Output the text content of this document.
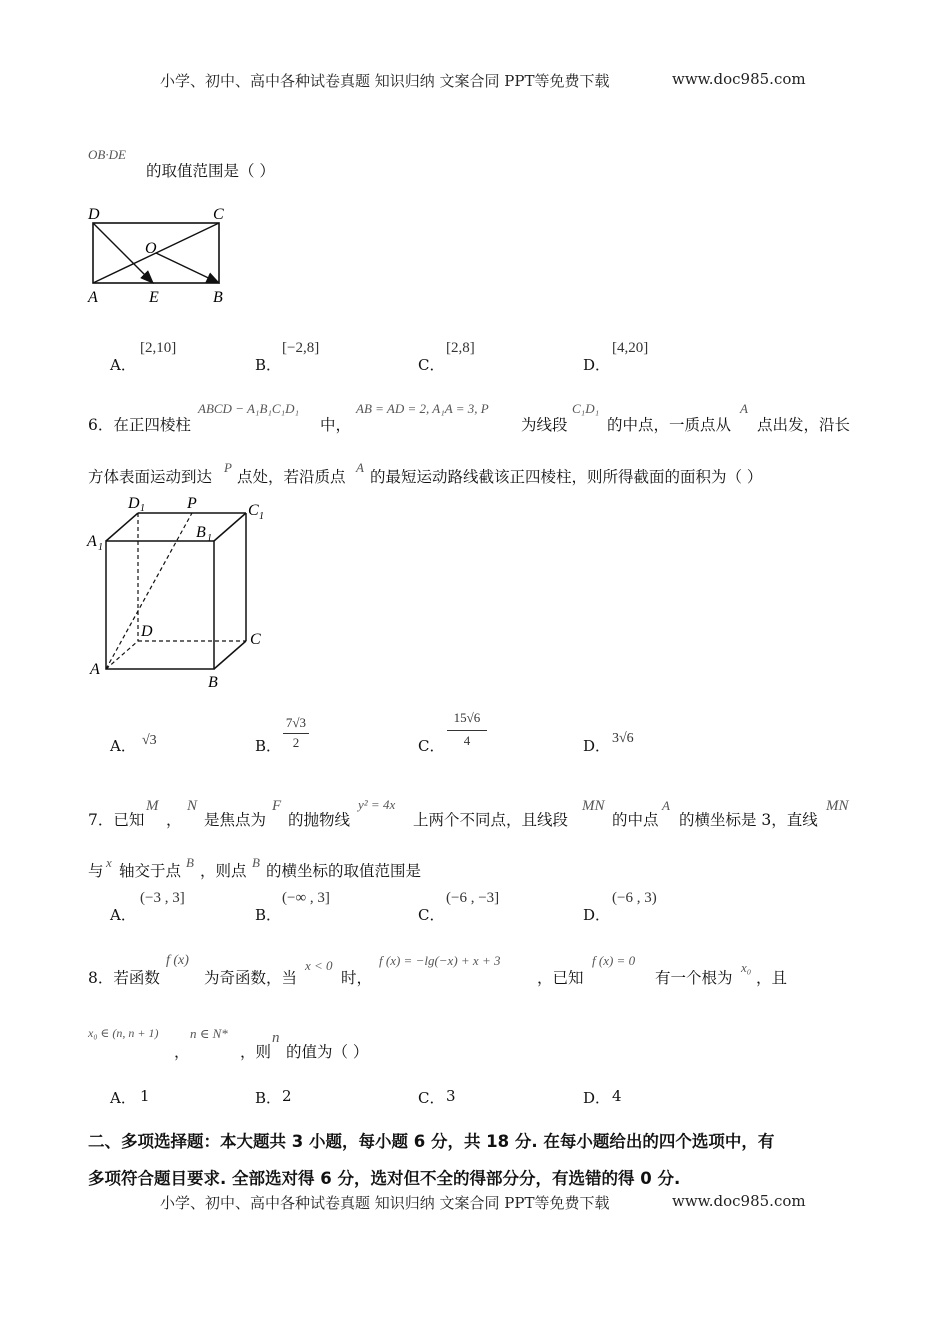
小学、初中、高中各种试卷真题 知识归纳 文案合同 PPT等免费下载	www.doc985.com
OB·DE
的取值范围是（ ）
D	C
O
A	E	B
A．
[2,10]
B．
[−2,8]
C．
[2,8]
D．
[4,20]
6．在正四棱柱
ABCD − A₁B₁C₁D₁
中，
AB = AD = 2, A₁A = 3, P
为线段
C₁D₁
的中点，一质点从
A
点出发，沿长
方体表面运动到达
P
点处，若沿质点
A
的最短运动路线截该正四棱柱，则所得截面的面积为（ ）
D 1	P	C 1
A 1
B 1
D	C
A
B
A． √3	B．
7√3
2	C．
15√6
4	D． 3√6
7．已知
M
，
N
是焦点为
F
的抛物线
y² = 4x
上两个不同点，且线段
MN
的中点
A
的横坐标是 3，直线
MN
与 x 轴交于点 B ，则点 B 的横坐标的取值范围是
A．
(−3 , 3]
B．
(−∞ , 3]
C．
(−6 , −3]
D．
(−6 , 3)
8．若函数
f (x)
为奇函数，当
x < 0
时，
f (x) = −lg(−x) + x + 3
，已知
f (x) = 0
有一个根为
x₀
，且
x₀ ∈ (n, n + 1)
，
n ∈ N*
，则
n
的值为（ ）
A． 1	B． 2	C． 3	D． 4
二、多项选择题：本大题共 3 小题，每小题 6 分，共 18 分. 在每小题给出的四个选项中，有
多项符合题目要求. 全部选对得 6 分，选对但不全的得部分分，有选错的得 0 分.
小学、初中、高中各种试卷真题 知识归纳 文案合同 PPT等免费下载	www.doc985.com
